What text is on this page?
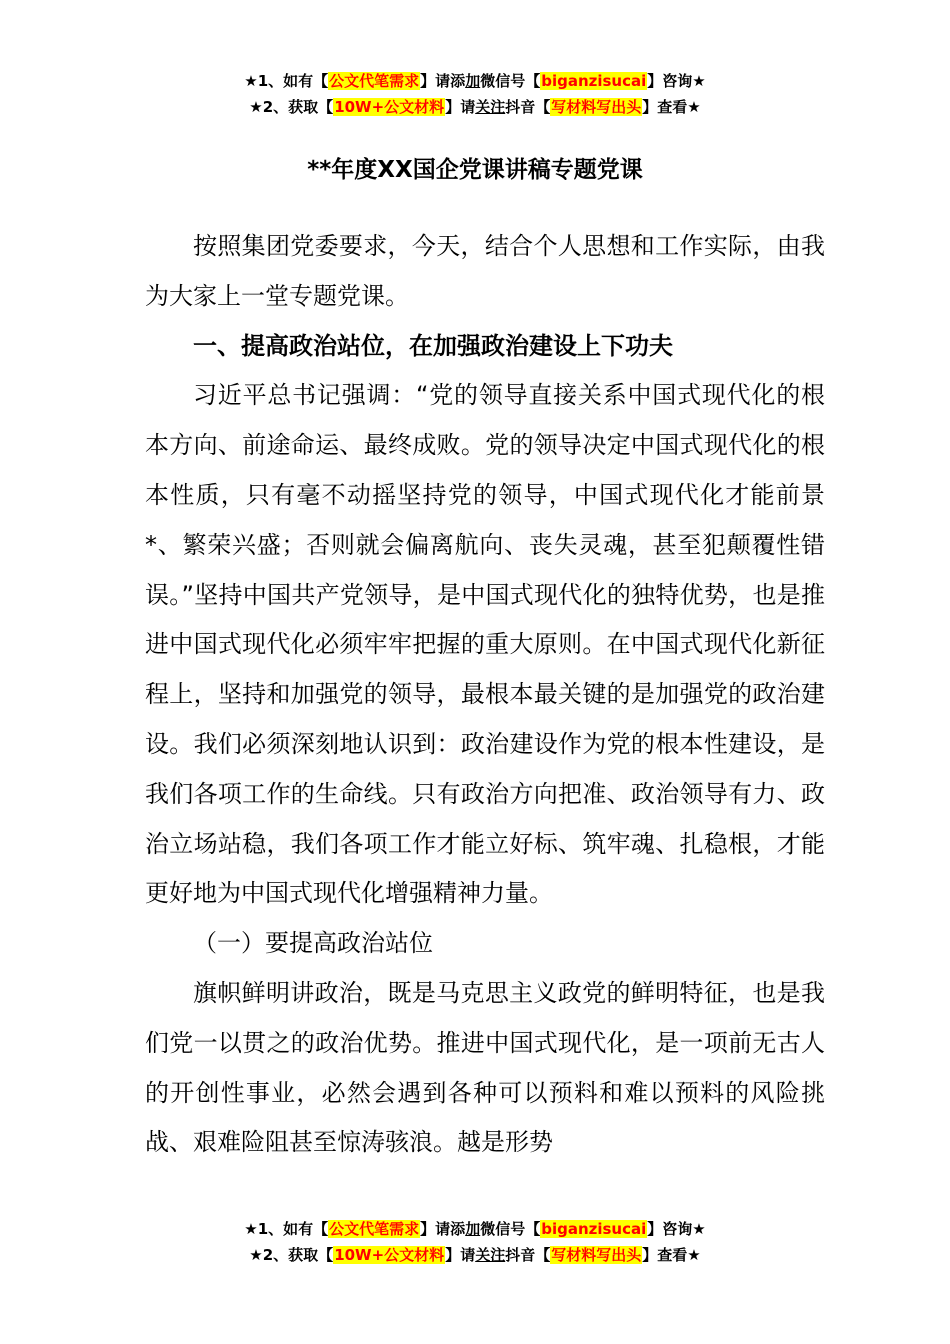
★1、如有【公文代笔需求】请添加微信号【biganzisucai】咨询★
★2、获取【10W+公文材料】请关注抖音【写材料写出头】查看★
**年度XX国企党课讲稿专题党课

按照集团党委要求，今天，结合个人思想和工作实际，由我为大家上一堂专题党课。

一、提高政治站位，在加强政治建设上下功夫

习近平总书记强调：“党的领导直接关系中国式现代化的根本方向、前途命运、最终成败。党的领导决定中国式现代化的根本性质，只有毫不动摇坚持党的领导，中国式现代化才能前景*、繁荣兴盛；否则就会偏离航向、丧失灵魂，甚至犯颠覆性错误。”坚持中国共产党领导，是中国式现代化的独特优势，也是推进中国式现代化必须牢牢把握的重大原则。在中国式现代化新征程上，坚持和加强党的领导，最根本最关键的是加强党的政治建设。我们必须深刻地认识到：政治建设作为党的根本性建设，是我们各项工作的生命线。只有政治方向把准、政治领导有力、政治立场站稳，我们各项工作才能立好标、筑牢魂、扎稳根，才能更好地为中国式现代化增强精神力量。

（一）要提高政治站位

旗帜鲜明讲政治，既是马克思主义政党的鲜明特征，也是我们党一以贯之的政治优势。推进中国式现代化，是一项前无古人的开创性事业，必然会遇到各种可以预料和难以预料的风险挑战、艰难险阻甚至惊涛骇浪。越是形势

★1、如有【公文代笔需求】请添加微信号【biganzisucai】咨询★
★2、获取【10W+公文材料】请关注抖音【写材料写出头】查看★
